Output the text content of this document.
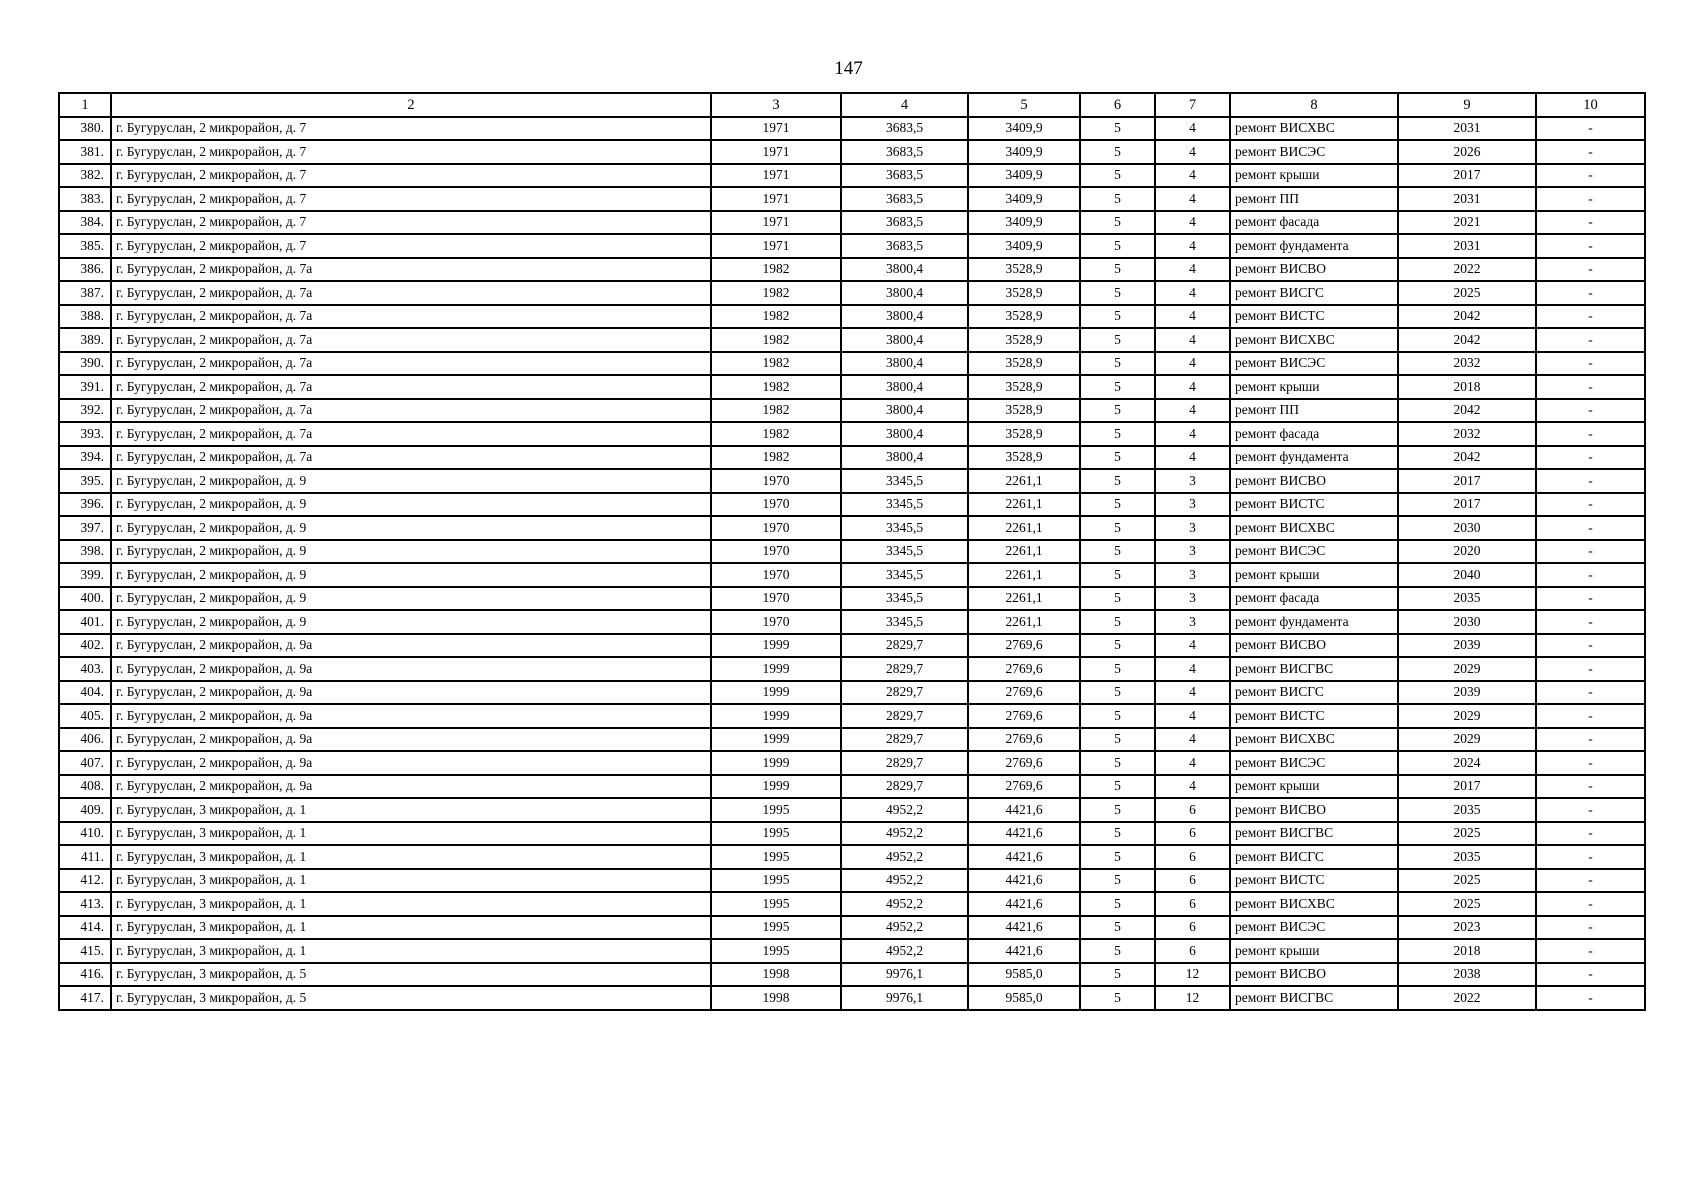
147
1	2	3	4	5	6	7	8	9	10
380.	г. Бугуруслан, 2 микрорайон, д. 7	1971	3683,5	3409,9	5	4	ремонт ВИСХВС	2031	-
381.	г. Бугуруслан, 2 микрорайон, д. 7	1971	3683,5	3409,9	5	4	ремонт ВИСЭС	2026	-
382.	г. Бугуруслан, 2 микрорайон, д. 7	1971	3683,5	3409,9	5	4	ремонт крыши	2017	-
383.	г. Бугуруслан, 2 микрорайон, д. 7	1971	3683,5	3409,9	5	4	ремонт ПП	2031	-
384.	г. Бугуруслан, 2 микрорайон, д. 7	1971	3683,5	3409,9	5	4	ремонт фасада	2021	-
385.	г. Бугуруслан, 2 микрорайон, д. 7	1971	3683,5	3409,9	5	4	ремонт фундамента	2031	-
386.	г. Бугуруслан, 2 микрорайон, д. 7а	1982	3800,4	3528,9	5	4	ремонт ВИСВО	2022	-
387.	г. Бугуруслан, 2 микрорайон, д. 7а	1982	3800,4	3528,9	5	4	ремонт ВИСГС	2025	-
388.	г. Бугуруслан, 2 микрорайон, д. 7а	1982	3800,4	3528,9	5	4	ремонт ВИСТС	2042	-
389.	г. Бугуруслан, 2 микрорайон, д. 7а	1982	3800,4	3528,9	5	4	ремонт ВИСХВС	2042	-
390.	г. Бугуруслан, 2 микрорайон, д. 7а	1982	3800,4	3528,9	5	4	ремонт ВИСЭС	2032	-
391.	г. Бугуруслан, 2 микрорайон, д. 7а	1982	3800,4	3528,9	5	4	ремонт крыши	2018	-
392.	г. Бугуруслан, 2 микрорайон, д. 7а	1982	3800,4	3528,9	5	4	ремонт ПП	2042	-
393.	г. Бугуруслан, 2 микрорайон, д. 7а	1982	3800,4	3528,9	5	4	ремонт фасада	2032	-
394.	г. Бугуруслан, 2 микрорайон, д. 7а	1982	3800,4	3528,9	5	4	ремонт фундамента	2042	-
395.	г. Бугуруслан, 2 микрорайон, д. 9	1970	3345,5	2261,1	5	3	ремонт ВИСВО	2017	-
396.	г. Бугуруслан, 2 микрорайон, д. 9	1970	3345,5	2261,1	5	3	ремонт ВИСТС	2017	-
397.	г. Бугуруслан, 2 микрорайон, д. 9	1970	3345,5	2261,1	5	3	ремонт ВИСХВС	2030	-
398.	г. Бугуруслан, 2 микрорайон, д. 9	1970	3345,5	2261,1	5	3	ремонт ВИСЭС	2020	-
399.	г. Бугуруслан, 2 микрорайон, д. 9	1970	3345,5	2261,1	5	3	ремонт крыши	2040	-
400.	г. Бугуруслан, 2 микрорайон, д. 9	1970	3345,5	2261,1	5	3	ремонт фасада	2035	-
401.	г. Бугуруслан, 2 микрорайон, д. 9	1970	3345,5	2261,1	5	3	ремонт фундамента	2030	-
402.	г. Бугуруслан, 2 микрорайон, д. 9а	1999	2829,7	2769,6	5	4	ремонт ВИСВО	2039	-
403.	г. Бугуруслан, 2 микрорайон, д. 9а	1999	2829,7	2769,6	5	4	ремонт ВИСГВС	2029	-
404.	г. Бугуруслан, 2 микрорайон, д. 9а	1999	2829,7	2769,6	5	4	ремонт ВИСГС	2039	-
405.	г. Бугуруслан, 2 микрорайон, д. 9а	1999	2829,7	2769,6	5	4	ремонт ВИСТС	2029	-
406.	г. Бугуруслан, 2 микрорайон, д. 9а	1999	2829,7	2769,6	5	4	ремонт ВИСХВС	2029	-
407.	г. Бугуруслан, 2 микрорайон, д. 9а	1999	2829,7	2769,6	5	4	ремонт ВИСЭС	2024	-
408.	г. Бугуруслан, 2 микрорайон, д. 9а	1999	2829,7	2769,6	5	4	ремонт крыши	2017	-
409.	г. Бугуруслан, 3 микрорайон, д. 1	1995	4952,2	4421,6	5	6	ремонт ВИСВО	2035	-
410.	г. Бугуруслан, 3 микрорайон, д. 1	1995	4952,2	4421,6	5	6	ремонт ВИСГВС	2025	-
411.	г. Бугуруслан, 3 микрорайон, д. 1	1995	4952,2	4421,6	5	6	ремонт ВИСГС	2035	-
412.	г. Бугуруслан, 3 микрорайон, д. 1	1995	4952,2	4421,6	5	6	ремонт ВИСТС	2025	-
413.	г. Бугуруслан, 3 микрорайон, д. 1	1995	4952,2	4421,6	5	6	ремонт ВИСХВС	2025	-
414.	г. Бугуруслан, 3 микрорайон, д. 1	1995	4952,2	4421,6	5	6	ремонт ВИСЭС	2023	-
415.	г. Бугуруслан, 3 микрорайон, д. 1	1995	4952,2	4421,6	5	6	ремонт крыши	2018	-
416.	г. Бугуруслан, 3 микрорайон, д. 5	1998	9976,1	9585,0	5	12	ремонт ВИСВО	2038	-
417.	г. Бугуруслан, 3 микрорайон, д. 5	1998	9976,1	9585,0	5	12	ремонт ВИСГВС	2022	-
